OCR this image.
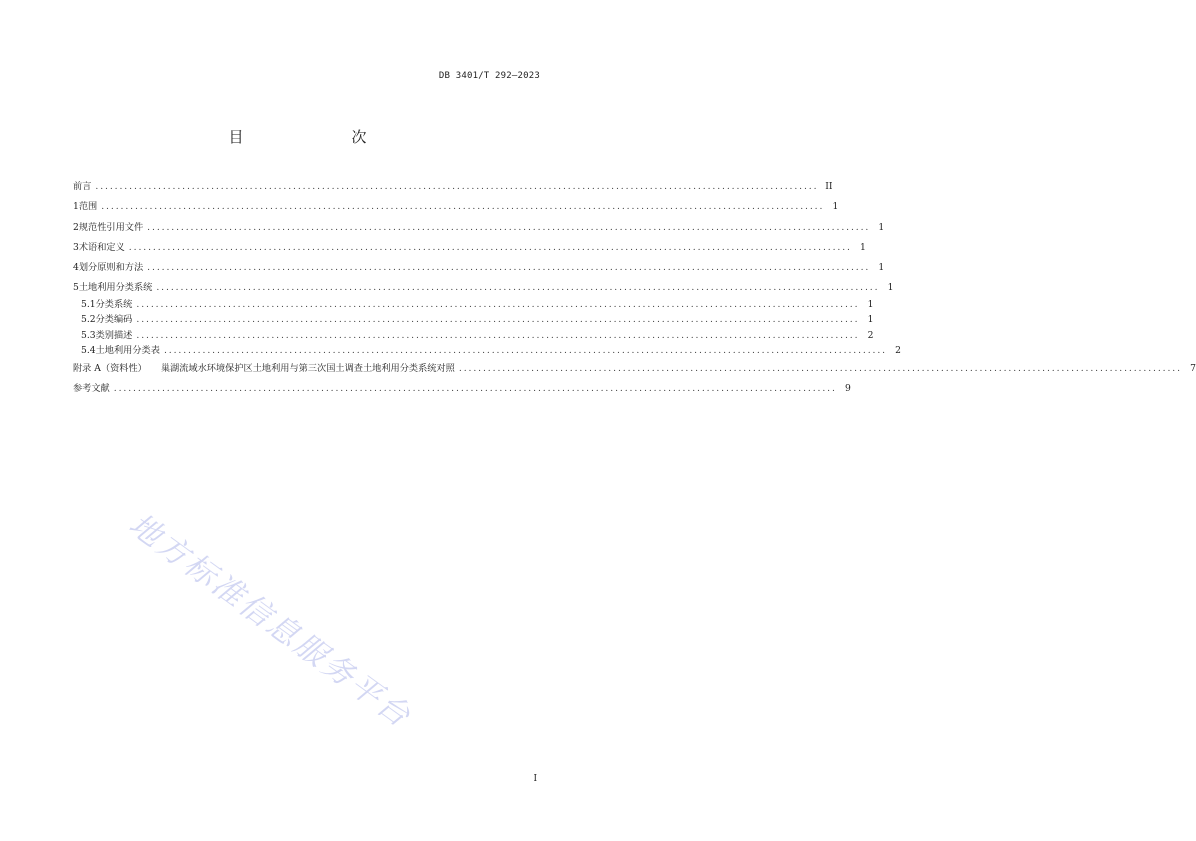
DB 3401/T 292—2023
目　　次
前言 ...................................................................................................................................................... II
1 范围 ...................................................................................................................................................... 1
2 规范性引用文件 ...................................................................................................................................................... 1
3 术语和定义 ...................................................................................................................................................... 1
4 划分原则和方法 ...................................................................................................................................................... 1
5 土地利用分类系统 ...................................................................................................................................................... 1
5.1 分类系统 ...................................................................................................................................................... 1
5.2 分类编码 ...................................................................................................................................................... 1
5.3 类别描述 ...................................................................................................................................................... 2
5.4 土地利用分类表 ...................................................................................................................................................... 2
附录 A（资料性）	巢湖流域水环境保护区土地利用与第三次国土调查土地利用分类系统对照 ...................................................................................................................................................... 7
参考文献 ...................................................................................................................................................... 9
地方标准信息服务平台
I
